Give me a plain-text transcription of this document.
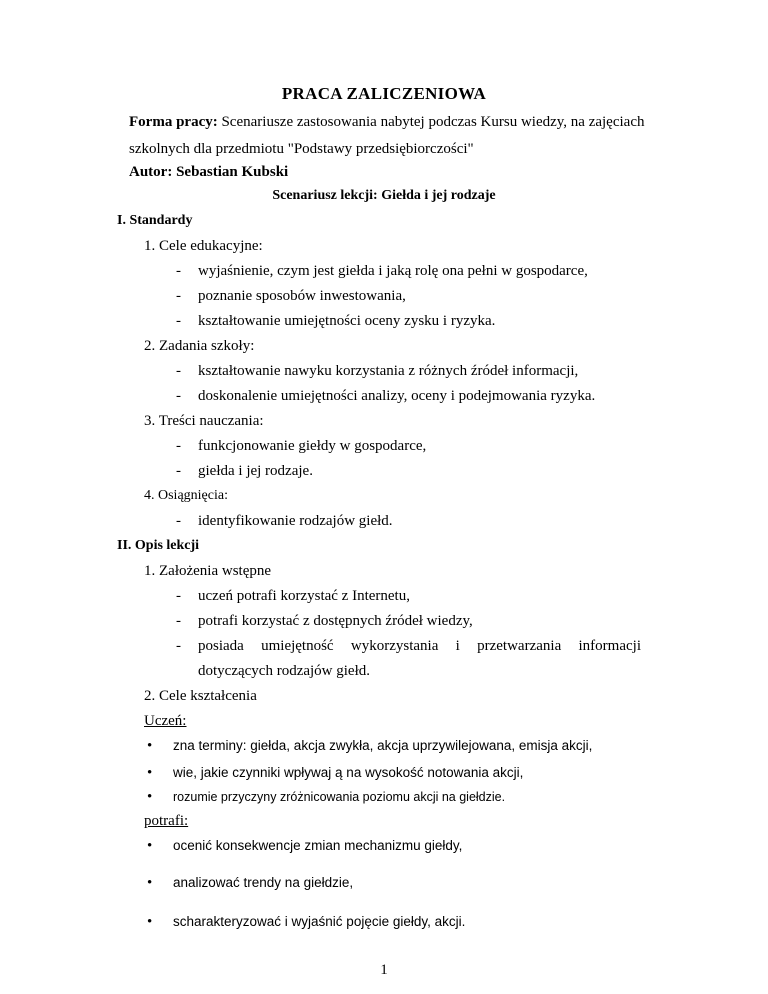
PRACA ZALICZENIOWA
Forma pracy: Scenariusze zastosowania nabytej podczas Kursu wiedzy, na zajęciach
szkolnych dla przedmiotu "Podstawy przedsiębiorczości"
Autor: Sebastian Kubski
Scenariusz lekcji: Giełda i jej rodzaje
I. Standardy
1. Cele edukacyjne:
- wyjaśnienie, czym jest giełda i jaką rolę ona pełni w gospodarce,
- poznanie sposobów inwestowania,
- kształtowanie umiejętności oceny zysku i ryzyka.
2. Zadania szkoły:
- kształtowanie nawyku korzystania z różnych źródeł informacji,
- doskonalenie umiejętności analizy, oceny i podejmowania ryzyka.
3. Treści nauczania:
- funkcjonowanie giełdy w gospodarce,
- giełda i jej rodzaje.
4. Osiągnięcia:
- identyfikowanie rodzajów giełd.
II. Opis lekcji
1. Założenia wstępne
- uczeń potrafi korzystać z Internetu,
- potrafi korzystać z dostępnych źródeł wiedzy,
- posiada umiejętność wykorzystania i przetwarzania informacji
dotyczących rodzajów giełd.
2. Cele kształcenia
Uczeń:
• zna terminy: giełda, akcja zwykła, akcja uprzywilejowana, emisja akcji,
• wie, jakie czynniki wpływaj ą na wysokość notowania akcji,
• rozumie przyczyny zróżnicowania poziomu akcji na giełdzie.
potrafi:
• ocenić konsekwencje zmian mechanizmu giełdy,
• analizować trendy na giełdzie,
• scharakteryzować i wyjaśnić pojęcie giełdy, akcji.
1
